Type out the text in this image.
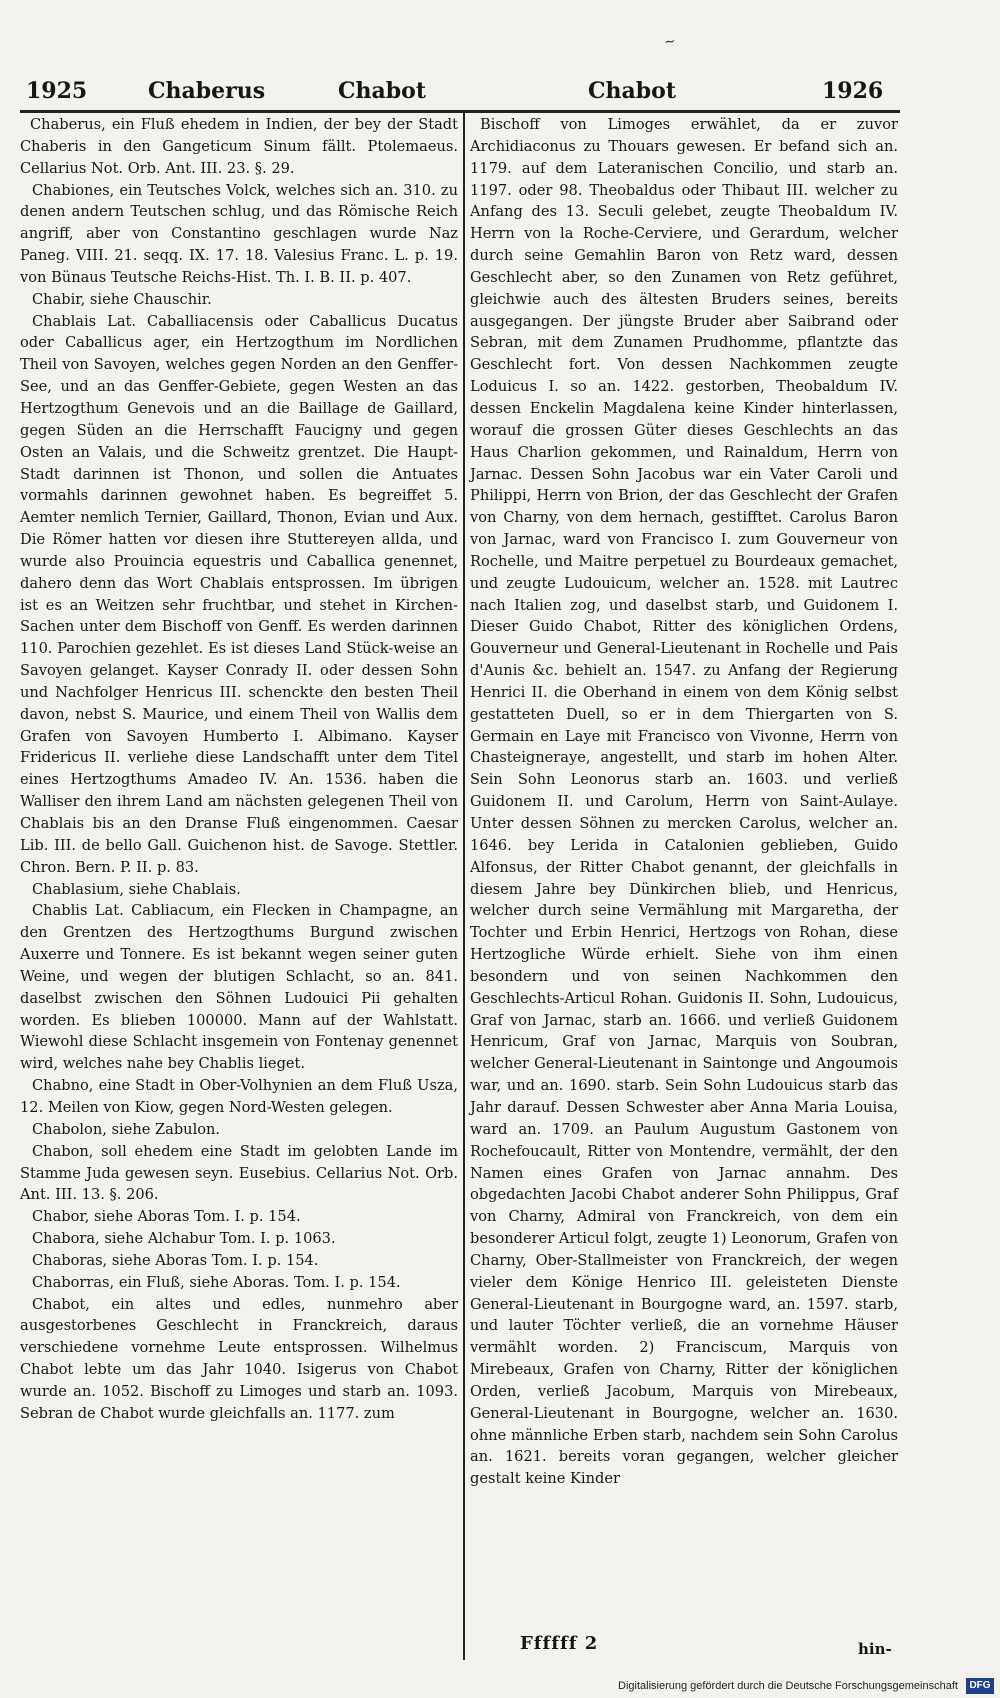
~
1925	Chaberus	Chabot	Chabot	1926

Chaberus, ein Fluß ehedem in Indien, der bey der Stadt Chaberis in den Gangeticum Sinum fällt. Ptolemaeus. Cellarius Not. Orb. Ant. III. 23. §. 29.

Chabiones, ein Teutsches Volck, welches sich an. 310. zu denen andern Teutschen schlug, und das Römische Reich angriff, aber von Constantino geschlagen wurde Naz Paneg. VIII. 21. seqq. IX. 17. 18. Valesius Franc. L. p. 19. von Bünaus Teutsche Reichs-Hist. Th. I. B. II. p. 407.

Chabir, siehe Chauschir.

Chablais Lat. Caballiacensis oder Caballicus Ducatus oder Caballicus ager, ein Hertzogthum im Nordlichen Theil von Savoyen, welches gegen Norden an den Genffer-See, und an das Genffer-Gebiete, gegen Westen an das Hertzogthum Genevois und an die Baillage de Gaillard, gegen Süden an die Herrschafft Faucigny und gegen Osten an Valais, und die Schweitz grentzet. Die Haupt-Stadt darinnen ist Thonon, und sollen die Antuates vormahls darinnen gewohnet haben. Es begreiffet 5. Aemter nemlich Ternier, Gaillard, Thonon, Evian und Aux. Die Römer hatten vor diesen ihre Stuttereyen allda, und wurde also Prouincia equestris und Caballica genennet, dahero denn das Wort Chablais entsprossen. Im übrigen ist es an Weitzen sehr fruchtbar, und stehet in Kirchen-Sachen unter dem Bischoff von Genff. Es werden darinnen 110. Parochien gezehlet. Es ist dieses Land Stück-weise an Savoyen gelanget. Kayser Conrady II. oder dessen Sohn und Nachfolger Henricus III. schenckte den besten Theil davon, nebst S. Maurice, und einem Theil von Wallis dem Grafen von Savoyen Humberto I. Albimano. Kayser Fridericus II. verliehe diese Landschafft unter dem Titel eines Hertzogthums Amadeo IV. An. 1536. haben die Walliser den ihrem Land am nächsten gelegenen Theil von Chablais bis an den Dranse Fluß eingenommen. Caesar Lib. III. de bello Gall. Guichenon hist. de Savoge. Stettler. Chron. Bern. P. II. p. 83.

Chablasium, siehe Chablais.

Chablis Lat. Cabliacum, ein Flecken in Champagne, an den Grentzen des Hertzogthums Burgund zwischen Auxerre und Tonnere. Es ist bekannt wegen seiner guten Weine, und wegen der blutigen Schlacht, so an. 841. daselbst zwischen den Söhnen Ludouici Pii gehalten worden. Es blieben 100000. Mann auf der Wahlstatt. Wiewohl diese Schlacht insgemein von Fontenay genennet wird, welches nahe bey Chablis lieget.

Chabno, eine Stadt in Ober-Volhynien an dem Fluß Usza, 12. Meilen von Kiow, gegen Nord-Westen gelegen.

Chabolon, siehe Zabulon.

Chabon, soll ehedem eine Stadt im gelobten Lande im Stamme Juda gewesen seyn. Eusebius. Cellarius Not. Orb. Ant. III. 13. §. 206.

Chabor, siehe Aboras Tom. I. p. 154.

Chabora, siehe Alchabur Tom. I. p. 1063.

Chaboras, siehe Aboras Tom. I. p. 154.

Chaborras, ein Fluß, siehe Aboras. Tom. I. p. 154.

Chabot, ein altes und edles, nunmehro aber ausgestorbenes Geschlecht in Franckreich, daraus verschiedene vornehme Leute entsprossen. Wilhelmus Chabot lebte um das Jahr 1040. Isigerus von Chabot wurde an. 1052. Bischoff zu Limoges und starb an. 1093. Sebran de Chabot wurde gleichfalls an. 1177. zum

Bischoff von Limoges erwählet, da er zuvor Archidiaconus zu Thouars gewesen. Er befand sich an. 1179. auf dem Lateranischen Concilio, und starb an. 1197. oder 98. Theobaldus oder Thibaut III. welcher zu Anfang des 13. Seculi gelebet, zeugte Theobaldum IV. Herrn von la Roche-Cerviere, und Gerardum, welcher durch seine Gemahlin Baron von Retz ward, dessen Geschlecht aber, so den Zunamen von Retz geführet, gleichwie auch des ältesten Bruders seines, bereits ausgegangen. Der jüngste Bruder aber Saibrand oder Sebran, mit dem Zunamen Prudhomme, pflantzte das Geschlecht fort. Von dessen Nachkommen zeugte Loduicus I. so an. 1422. gestorben, Theobaldum IV. dessen Enckelin Magdalena keine Kinder hinterlassen, worauf die grossen Güter dieses Geschlechts an das Haus Charlion gekommen, und Rainaldum, Herrn von Jarnac. Dessen Sohn Jacobus war ein Vater Caroli und Philippi, Herrn von Brion, der das Geschlecht der Grafen von Charny, von dem hernach, gestifftet. Carolus Baron von Jarnac, ward von Francisco I. zum Gouverneur von Rochelle, und Maitre perpetuel zu Bourdeaux gemachet, und zeugte Ludouicum, welcher an. 1528. mit Lautrec nach Italien zog, und daselbst starb, und Guidonem I. Dieser Guido Chabot, Ritter des königlichen Ordens, Gouverneur und General-Lieutenant in Rochelle und Pais d'Aunis &c. behielt an. 1547. zu Anfang der Regierung Henrici II. die Oberhand in einem von dem König selbst gestatteten Duell, so er in dem Thiergarten von S. Germain en Laye mit Francisco von Vivonne, Herrn von Chasteigneraye, angestellt, und starb im hohen Alter. Sein Sohn Leonorus starb an. 1603. und verließ Guidonem II. und Carolum, Herrn von Saint-Aulaye. Unter dessen Söhnen zu mercken Carolus, welcher an. 1646. bey Lerida in Catalonien geblieben, Guido Alfonsus, der Ritter Chabot genannt, der gleichfalls in diesem Jahre bey Dünkirchen blieb, und Henricus, welcher durch seine Vermählung mit Margaretha, der Tochter und Erbin Henrici, Hertzogs von Rohan, diese Hertzogliche Würde erhielt. Siehe von ihm einen besondern und von seinen Nachkommen den Geschlechts-Articul Rohan. Guidonis II. Sohn, Ludouicus, Graf von Jarnac, starb an. 1666. und verließ Guidonem Henricum, Graf von Jarnac, Marquis von Soubran, welcher General-Lieutenant in Saintonge und Angoumois war, und an. 1690. starb. Sein Sohn Ludouicus starb das Jahr darauf. Dessen Schwester aber Anna Maria Louisa, ward an. 1709. an Paulum Augustum Gastonem von Rochefoucault, Ritter von Montendre, vermählt, der den Namen eines Grafen von Jarnac annahm. Des obgedachten Jacobi Chabot anderer Sohn Philippus, Graf von Charny, Admiral von Franckreich, von dem ein besonderer Articul folgt, zeugte 1) Leonorum, Grafen von Charny, Ober-Stallmeister von Franckreich, der wegen vieler dem Könige Henrico III. geleisteten Dienste General-Lieutenant in Bourgogne ward, an. 1597. starb, und lauter Töchter verließ, die an vornehme Häuser vermählt worden. 2) Franciscum, Marquis von Mirebeaux, Grafen von Charny, Ritter der königlichen Orden, verließ Jacobum, Marquis von Mirebeaux, General-Lieutenant in Bourgogne, welcher an. 1630. ohne männliche Erben starb, nachdem sein Sohn Carolus an. 1621. bereits voran gegangen, welcher gleicher gestalt keine Kinder

Ffffff 2	hin-
Digitalisierung gefördert durch die Deutsche Forschungsgemeinschaft	DFG
